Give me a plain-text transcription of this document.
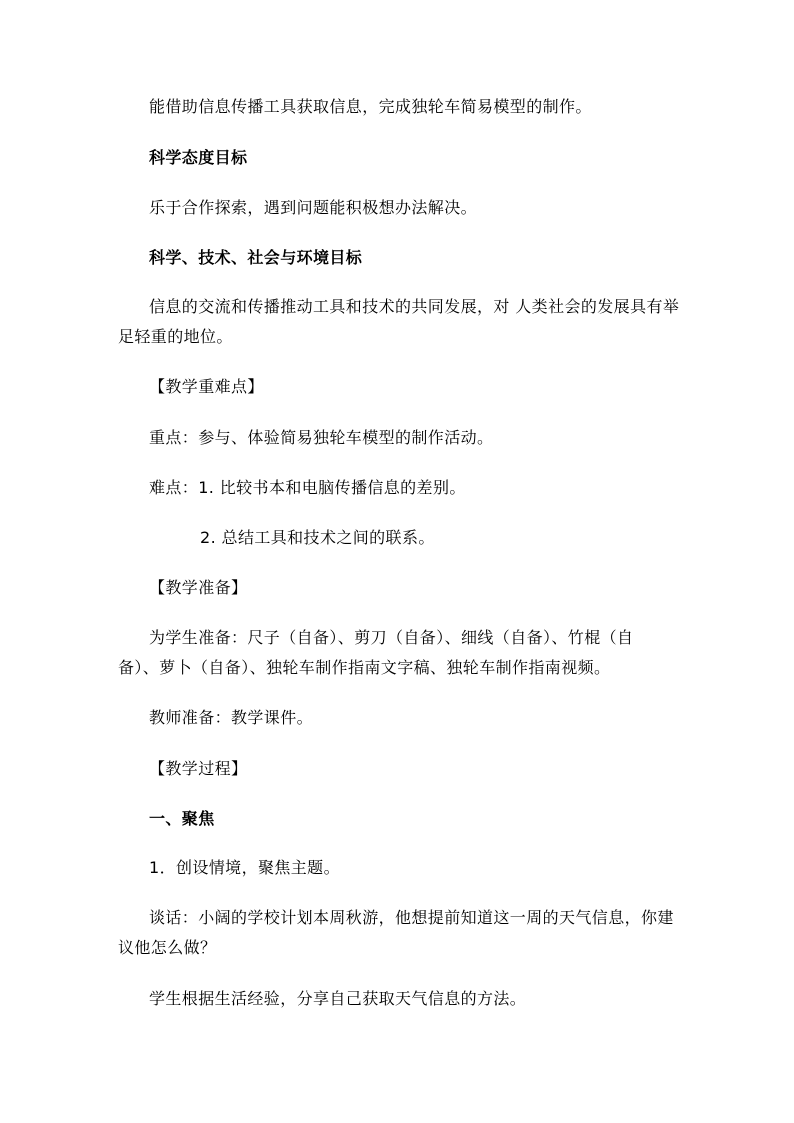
能借助信息传播工具获取信息，完成独轮车简易模型的制作。
科学态度目标
乐于合作探索，遇到问题能积极想办法解决。
科学、技术、社会与环境目标
信息的交流和传播推动工具和技术的共同发展，对 人类社会的发展具有举
足轻重的地位。
【教学重难点】
重点：参与、体验简易独轮车模型的制作活动。
难点：1. 比较书本和电脑传播信息的差别。
2. 总结工具和技术之间的联系。
【教学准备】
为学生准备：尺子（自备）、剪刀（自备）、细线（自备）、竹棍（自
备）、萝卜（自备）、独轮车制作指南文字稿、独轮车制作指南视频。
教师准备：教学课件。
【教学过程】
一、聚焦
1．创设情境，聚焦主题。
谈话：小阔的学校计划本周秋游，他想提前知道这一周的天气信息，你建
议他怎么做？
学生根据生活经验，分享自己获取天气信息的方法。
